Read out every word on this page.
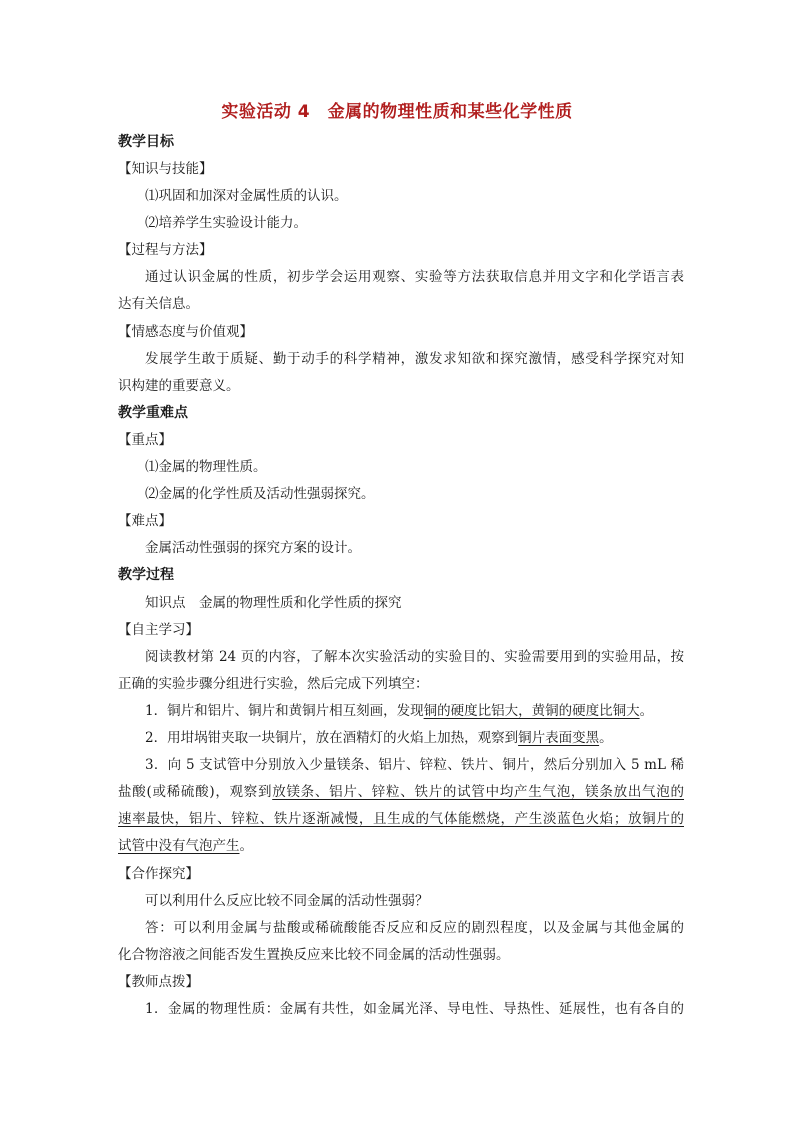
实验活动 4　金属的物理性质和某些化学性质
教学目标
【知识与技能】
⑴巩固和加深对金属性质的认识。
⑵培养学生实验设计能力。
【过程与方法】
通过认识金属的性质，初步学会运用观察、实验等方法获取信息并用文字和化学语言表
达有关信息。
【情感态度与价值观】
发展学生敢于质疑、勤于动手的科学精神，激发求知欲和探究激情，感受科学探究对知
识构建的重要意义。
教学重难点
【重点】
⑴金属的物理性质。
⑵金属的化学性质及活动性强弱探究。
【难点】
金属活动性强弱的探究方案的设计。
教学过程
知识点　金属的物理性质和化学性质的探究
【自主学习】
阅读教材第 24 页的内容，了解本次实验活动的实验目的、实验需要用到的实验用品，按
正确的实验步骤分组进行实验，然后完成下列填空：
1．铜片和铝片、铜片和黄铜片相互刻画，发现铜的硬度比铝大，黄铜的硬度比铜大。
2．用坩埚钳夹取一块铜片，放在酒精灯的火焰上加热，观察到铜片表面变黑。
3．向 5 支试管中分别放入少量镁条、铝片、锌粒、铁片、铜片，然后分别加入 5 mL 稀
盐酸(或稀硫酸)，观察到放镁条、铝片、锌粒、铁片的试管中均产生气泡，镁条放出气泡的
速率最快，铝片、锌粒、铁片逐渐减慢，且生成的气体能燃烧，产生淡蓝色火焰；放铜片的
试管中没有气泡产生。
【合作探究】
可以利用什么反应比较不同金属的活动性强弱？
答：可以利用金属与盐酸或稀硫酸能否反应和反应的剧烈程度，以及金属与其他金属的
化合物溶液之间能否发生置换反应来比较不同金属的活动性强弱。
【教师点拨】
1．金属的物理性质：金属有共性，如金属光泽、导电性、导热性、延展性，也有各自的
